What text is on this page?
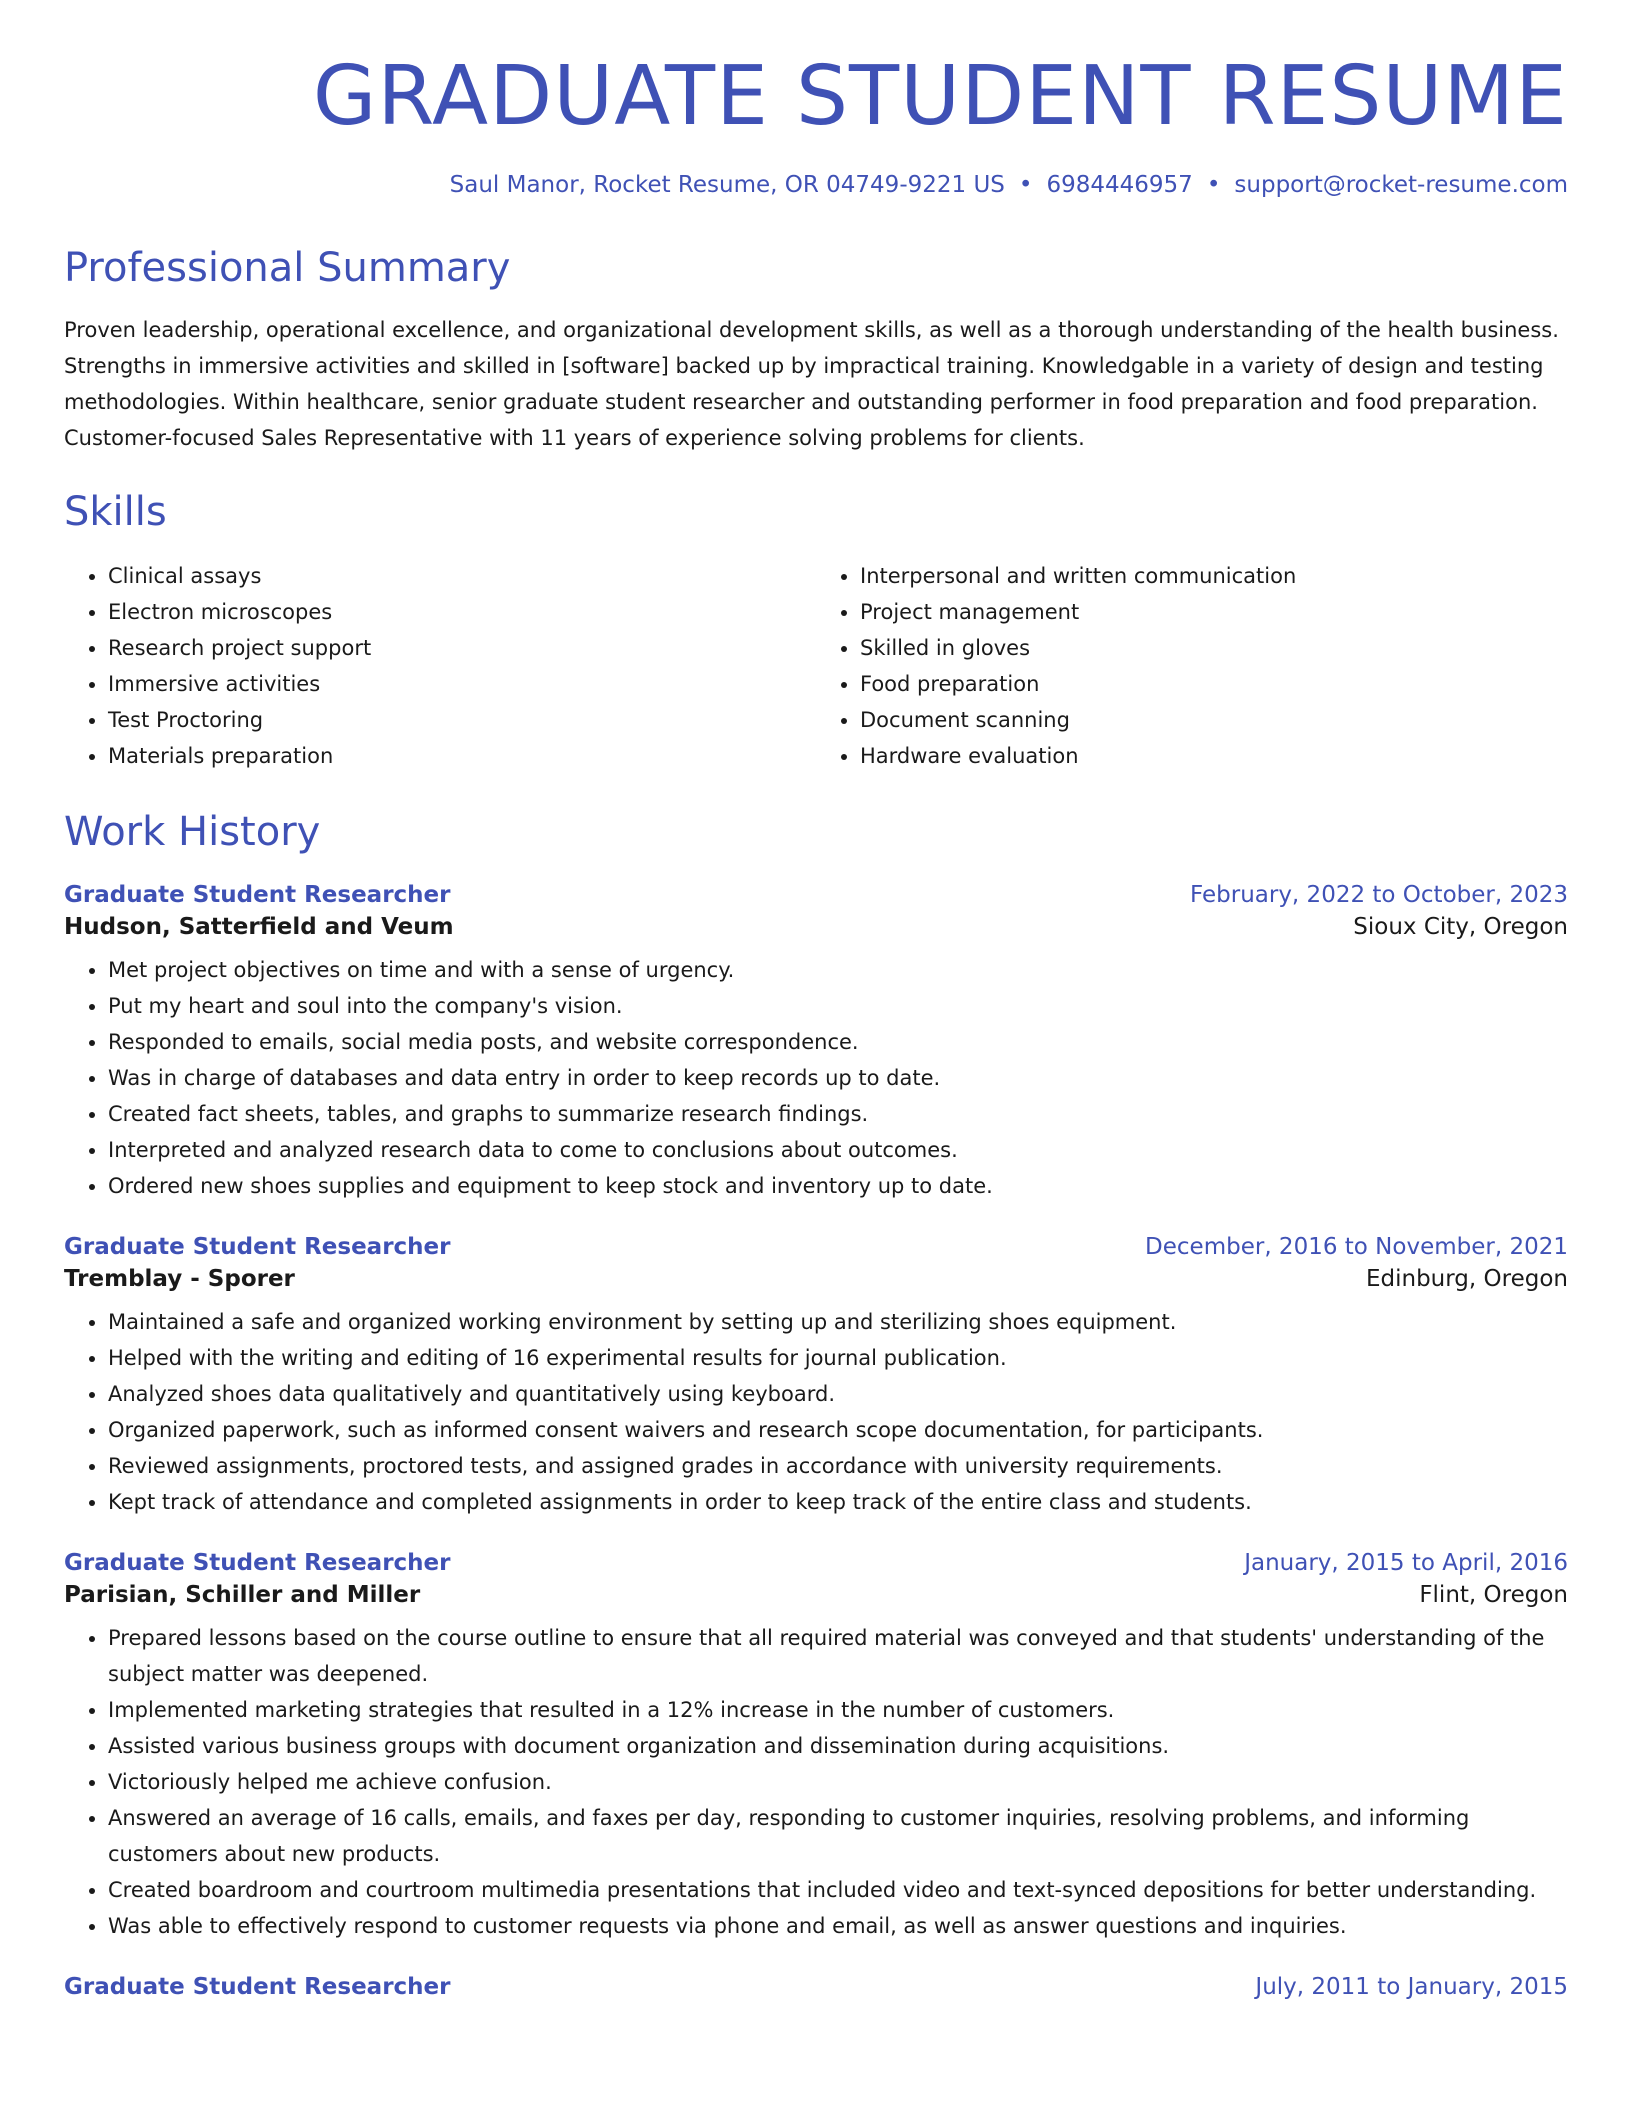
GRADUATE STUDENT RESUME
Saul Manor, Rocket Resume, OR 04749-9221 US • 6984446957 • support@rocket-resume.com
Professional Summary
Proven leadership, operational excellence, and organizational development skills, as well as a thorough understanding of the health business. Strengths in immersive activities and skilled in [software] backed up by impractical training. Knowledgable in a variety of design and testing methodologies. Within healthcare, senior graduate student researcher and outstanding performer in food preparation and food preparation. Customer-focused Sales Representative with 11 years of experience solving problems for clients.
Skills
• Clinical assays
• Electron microscopes
• Research project support
• Immersive activities
• Test Proctoring
• Materials preparation
• Interpersonal and written communication
• Project management
• Skilled in gloves
• Food preparation
• Document scanning
• Hardware evaluation
Work History
Graduate Student Researcher	February, 2022 to October, 2023
Hudson, Satterfield and Veum	Sioux City, Oregon
• Met project objectives on time and with a sense of urgency.
• Put my heart and soul into the company's vision.
• Responded to emails, social media posts, and website correspondence.
• Was in charge of databases and data entry in order to keep records up to date.
• Created fact sheets, tables, and graphs to summarize research findings.
• Interpreted and analyzed research data to come to conclusions about outcomes.
• Ordered new shoes supplies and equipment to keep stock and inventory up to date.
Graduate Student Researcher	December, 2016 to November, 2021
Tremblay - Sporer	Edinburg, Oregon
• Maintained a safe and organized working environment by setting up and sterilizing shoes equipment.
• Helped with the writing and editing of 16 experimental results for journal publication.
• Analyzed shoes data qualitatively and quantitatively using keyboard.
• Organized paperwork, such as informed consent waivers and research scope documentation, for participants.
• Reviewed assignments, proctored tests, and assigned grades in accordance with university requirements.
• Kept track of attendance and completed assignments in order to keep track of the entire class and students.
Graduate Student Researcher	January, 2015 to April, 2016
Parisian, Schiller and Miller	Flint, Oregon
• Prepared lessons based on the course outline to ensure that all required material was conveyed and that students' understanding of the subject matter was deepened.
• Implemented marketing strategies that resulted in a 12% increase in the number of customers.
• Assisted various business groups with document organization and dissemination during acquisitions.
• Victoriously helped me achieve confusion.
• Answered an average of 16 calls, emails, and faxes per day, responding to customer inquiries, resolving problems, and informing customers about new products.
• Created boardroom and courtroom multimedia presentations that included video and text-synced depositions for better understanding.
• Was able to effectively respond to customer requests via phone and email, as well as answer questions and inquiries.
Graduate Student Researcher	July, 2011 to January, 2015
